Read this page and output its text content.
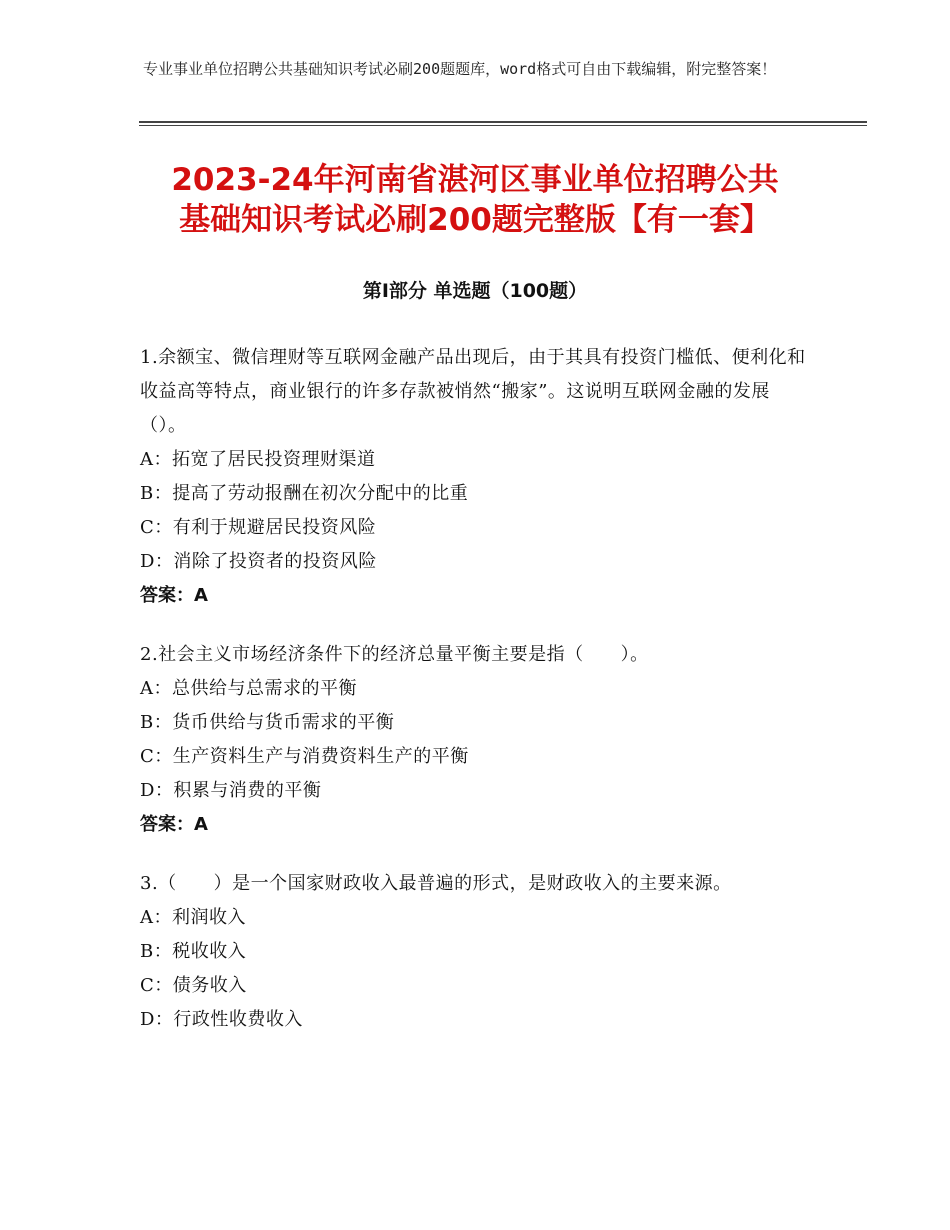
专业事业单位招聘公共基础知识考试必刷200题题库，word格式可自由下载编辑，附完整答案！
2023-24年河南省湛河区事业单位招聘公共
基础知识考试必刷200题完整版【有一套】
第Ⅰ部分 单选题（100题）
1.余额宝、微信理财等互联网金融产品出现后，由于其具有投资门槛低、便利化和收益高等特点，商业银行的许多存款被悄然“搬家”。这说明互联网金融的发展（）。
A：拓宽了居民投资理财渠道
B：提高了劳动报酬在初次分配中的比重
C：有利于规避居民投资风险
D：消除了投资者的投资风险
答案：A
2.社会主义市场经济条件下的经济总量平衡主要是指（　　）。
A：总供给与总需求的平衡
B：货币供给与货币需求的平衡
C：生产资料生产与消费资料生产的平衡
D：积累与消费的平衡
答案：A
3.（　　）是一个国家财政收入最普遍的形式，是财政收入的主要来源。
A：利润收入
B：税收收入
C：债务收入
D：行政性收费收入
